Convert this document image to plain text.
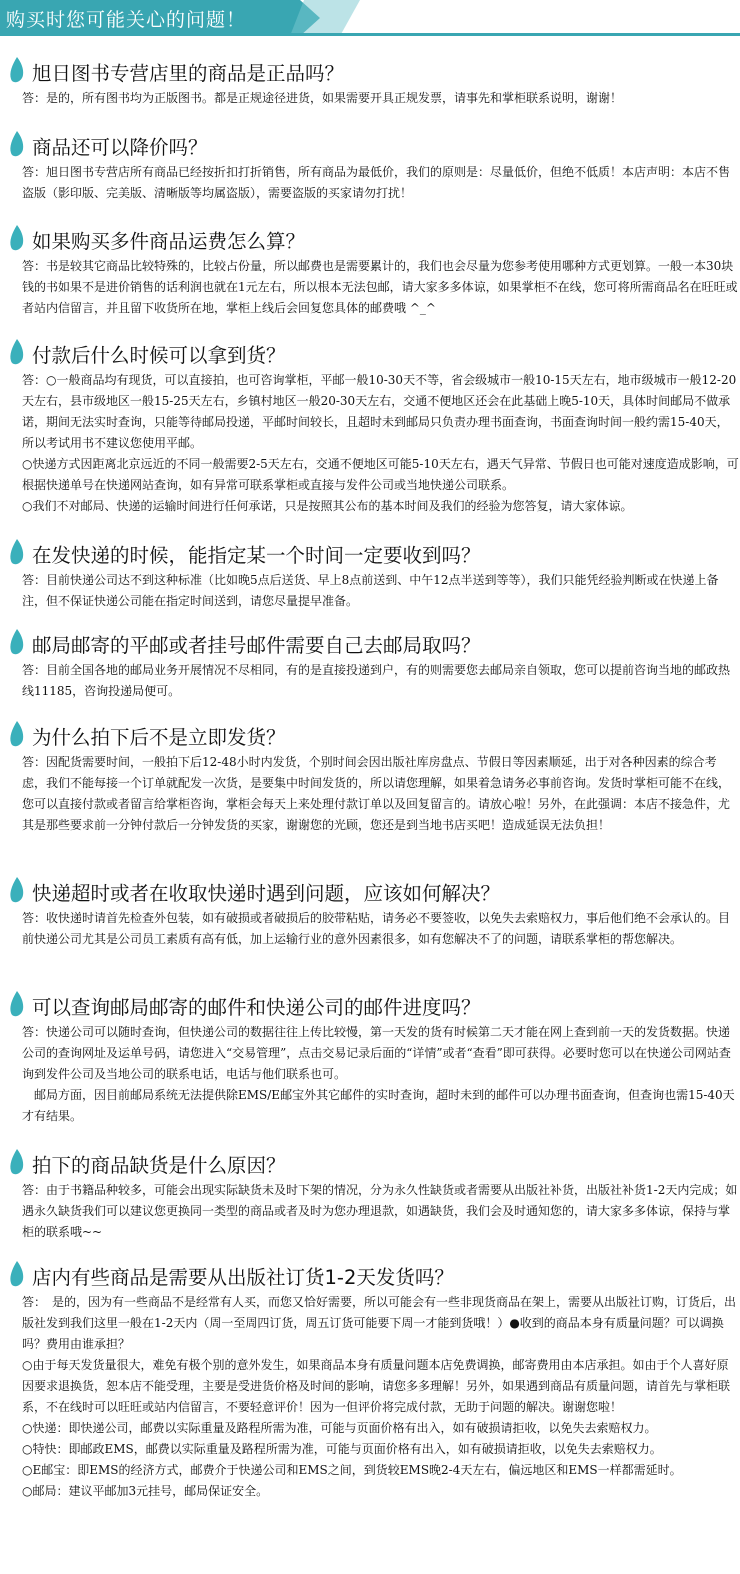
购买时您可能关心的问题！
旭日图书专营店里的商品是正品吗？

答：是的，所有图书均为正版图书。都是正规途径进货，如果需要开具正规发票，请事先和掌柜联系说明，谢谢！

商品还可以降价吗？

答：旭日图书专营店所有商品已经按折扣打折销售，所有商品为最低价，我们的原则是：尽量低价，但绝不低质！本店声明：本店不售盗版（影印版、完美版、清晰版等均属盗版），需要盗版的买家请勿打扰！

如果购买多件商品运费怎么算？

答：书是较其它商品比较特殊的，比较占份量，所以邮费也是需要累计的，我们也会尽量为您参考使用哪种方式更划算。一般一本30块钱的书如果不是进价销售的话利润也就在1元左右，所以根本无法包邮，请大家多多体谅，如果掌柜不在线，您可将所需商品名在旺旺或者站内信留言，并且留下收货所在地，掌柜上线后会回复您具体的邮费哦 ^_^

付款后什么时候可以拿到货？

答：○一般商品均有现货，可以直接拍，也可咨询掌柜，平邮一般10-30天不等，省会级城市一般10-15天左右，地市级城市一般12-20天左右，县市级地区一般15-25天左右，乡镇村地区一般20-30天左右，交通不便地区还会在此基础上晚5-10天，具体时间邮局不做承诺，期间无法实时查询，只能等待邮局投递，平邮时间较长，且超时未到邮局只负责办理书面查询，书面查询时间一般约需15-40天，所以考试用书不建议您使用平邮。

○快递方式因距离北京远近的不同一般需要2-5天左右，交通不便地区可能5-10天左右，遇天气异常、节假日也可能对速度造成影响，可根据快递单号在快递网站查询，如有异常可联系掌柜或直接与发件公司或当地快递公司联系。

○我们不对邮局、快递的运输时间进行任何承诺，只是按照其公布的基本时间及我们的经验为您答复，请大家体谅。

在发快递的时候，能指定某一个时间一定要收到吗？

答：目前快递公司达不到这种标准（比如晚5点后送货、早上8点前送到、中午12点半送到等等），我们只能凭经验判断或在快递上备注，但不保证快递公司能在指定时间送到，请您尽量提早准备。

邮局邮寄的平邮或者挂号邮件需要自己去邮局取吗？

答：目前全国各地的邮局业务开展情况不尽相同，有的是直接投递到户，有的则需要您去邮局亲自领取，您可以提前咨询当地的邮政热线11185，咨询投递局便可。

为什么拍下后不是立即发货？

答：因配货需要时间，一般拍下后12-48小时内发货，个别时间会因出版社库房盘点、节假日等因素顺延，出于对各种因素的综合考虑，我们不能每接一个订单就配发一次货，是要集中时间发货的，所以请您理解，如果着急请务必事前咨询。发货时掌柜可能不在线，您可以直接付款或者留言给掌柜咨询，掌柜会每天上来处理付款订单以及回复留言的。请放心啦！另外，在此强调：本店不接急件，尤其是那些要求前一分钟付款后一分钟发货的买家，谢谢您的光顾，您还是到当地书店买吧！造成延误无法负担！

快递超时或者在收取快递时遇到问题，应该如何解决？

答：收快递时请首先检查外包装，如有破损或者破损后的胶带粘贴，请务必不要签收，以免失去索赔权力，事后他们绝不会承认的。目前快递公司尤其是公司员工素质有高有低，加上运输行业的意外因素很多，如有您解决不了的问题，请联系掌柜的帮您解决。

可以查询邮局邮寄的邮件和快递公司的邮件进度吗？

答：快递公司可以随时查询，但快递公司的数据往往上传比较慢，第一天发的货有时候第二天才能在网上查到前一天的发货数据。快递公司的查询网址及运单号码，请您进入“交易管理”，点击交易记录后面的“详情”或者“查看”即可获得。必要时您可以在快递公司网站查询到发件公司及当地公司的联系电话，电话与他们联系也可。

　邮局方面，因目前邮局系统无法提供除EMS/E邮宝外其它邮件的实时查询，超时未到的邮件可以办理书面查询，但查询也需15-40天才有结果。

拍下的商品缺货是什么原因？

答：由于书籍品种较多，可能会出现实际缺货未及时下架的情况，分为永久性缺货或者需要从出版社补货，出版社补货1-2天内完成；如遇永久缺货我们可以建议您更换同一类型的商品或者及时为您办理退款，如遇缺货，我们会及时通知您的，请大家多多体谅，保持与掌柜的联系哦~~

店内有些商品是需要从出版社订货1-2天发货吗？

答：　是的，因为有一些商品不是经常有人买，而您又恰好需要，所以可能会有一些非现货商品在架上，需要从出版社订购，订货后，出版社发到我们这里一般在1-2天内（周一至周四订货，周五订货可能要下周一才能到货哦！）●收到的商品本身有质量问题？可以调换吗？费用由谁承担？

○由于每天发货量很大，难免有极个别的意外发生，如果商品本身有质量问题本店免费调换，邮寄费用由本店承担。如由于个人喜好原因要求退换货，恕本店不能受理，主要是受进货价格及时间的影响，请您多多理解！另外，如果遇到商品有质量问题，请首先与掌柜联系，不在线时可以旺旺或站内信留言，不要轻意评价！因为一但评价将完成付款，无助于问题的解决。谢谢您啦！

○快递：即快递公司，邮费以实际重量及路程所需为准，可能与页面价格有出入，如有破损请拒收，以免失去索赔权力。

○特快：即邮政EMS，邮费以实际重量及路程所需为准，可能与页面价格有出入，如有破损请拒收，以免失去索赔权力。

○E邮宝：即EMS的经济方式，邮费介于快递公司和EMS之间，到货较EMS晚2-4天左右，偏远地区和EMS一样都需延时。

○邮局：建议平邮加3元挂号，邮局保证安全。
